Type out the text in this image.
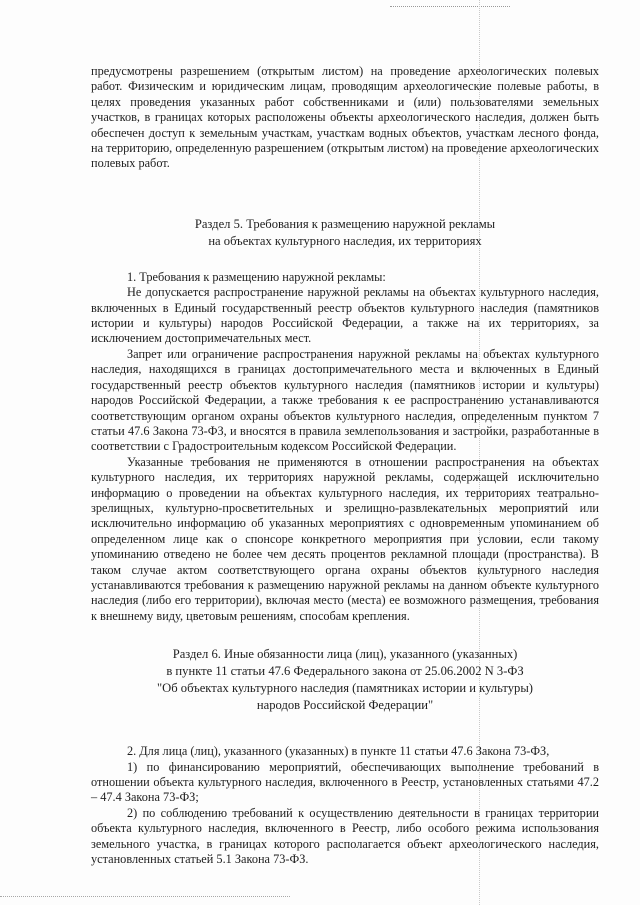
предусмотрены разрешением (открытым листом) на проведение археологических полевых работ. Физическим и юридическим лицам, проводящим археологические полевые работы, в целях проведения указанных работ собственниками и (или) пользователями земельных участков, в границах которых расположены объекты археологического наследия, должен быть обеспечен доступ к земельным участкам, участкам водных объектов, участкам лесного фонда, на территорию, определенную разрешением (открытым листом) на проведение археологических полевых работ.

Раздел 5. Требования к размещению наружной рекламы
на объектах культурного наследия, их территориях

1. Требования к размещению наружной рекламы:

Не допускается распространение наружной рекламы на объектах культурного наследия, включенных в Единый государственный реестр объектов культурного наследия (памятников истории и культуры) народов Российской Федерации, а также на их территориях, за исключением достопримечательных мест.

Запрет или ограничение распространения наружной рекламы на объектах культурного наследия, находящихся в границах достопримечательного места и включенных в Единый государственный реестр объектов культурного наследия (памятников истории и культуры) народов Российской Федерации, а также требования к ее распространению устанавливаются соответствующим органом охраны объектов культурного наследия, определенным пунктом 7 статьи 47.6 Закона 73-ФЗ, и вносятся в правила землепользования и застройки, разработанные в соответствии с Градостроительным кодексом Российской Федерации.

Указанные требования не применяются в отношении распространения на объектах культурного наследия, их территориях наружной рекламы, содержащей исключительно информацию о проведении на объектах культурного наследия, их территориях театрально-зрелищных, культурно-просветительных и зрелищно-развлекательных мероприятий или исключительно информацию об указанных мероприятиях с одновременным упоминанием об определенном лице как о спонсоре конкретного мероприятия при условии, если такому упоминанию отведено не более чем десять процентов рекламной площади (пространства). В таком случае актом соответствующего органа охраны объектов культурного наследия устанавливаются требования к размещению наружной рекламы на данном объекте культурного наследия (либо его территории), включая место (места) ее возможного размещения, требования к внешнему виду, цветовым решениям, способам крепления.

Раздел 6. Иные обязанности лица (лиц), указанного (указанных)
в пункте 11 статьи 47.6 Федерального закона от 25.06.2002 N 3-ФЗ
"Об объектах культурного наследия (памятниках истории и культуры)
народов Российской Федерации"

2. Для лица (лиц), указанного (указанных) в пункте 11 статьи 47.6 Закона 73-ФЗ,

1) по финансированию мероприятий, обеспечивающих выполнение требований в отношении объекта культурного наследия, включенного в Реестр, установленных статьями 47.2 – 47.4 Закона 73-ФЗ;

2) по соблюдению требований к осуществлению деятельности в границах территории объекта культурного наследия, включенного в Реестр, либо особого режима использования земельного участка, в границах которого располагается объект археологического наследия, установленных статьей 5.1 Закона 73-ФЗ.
